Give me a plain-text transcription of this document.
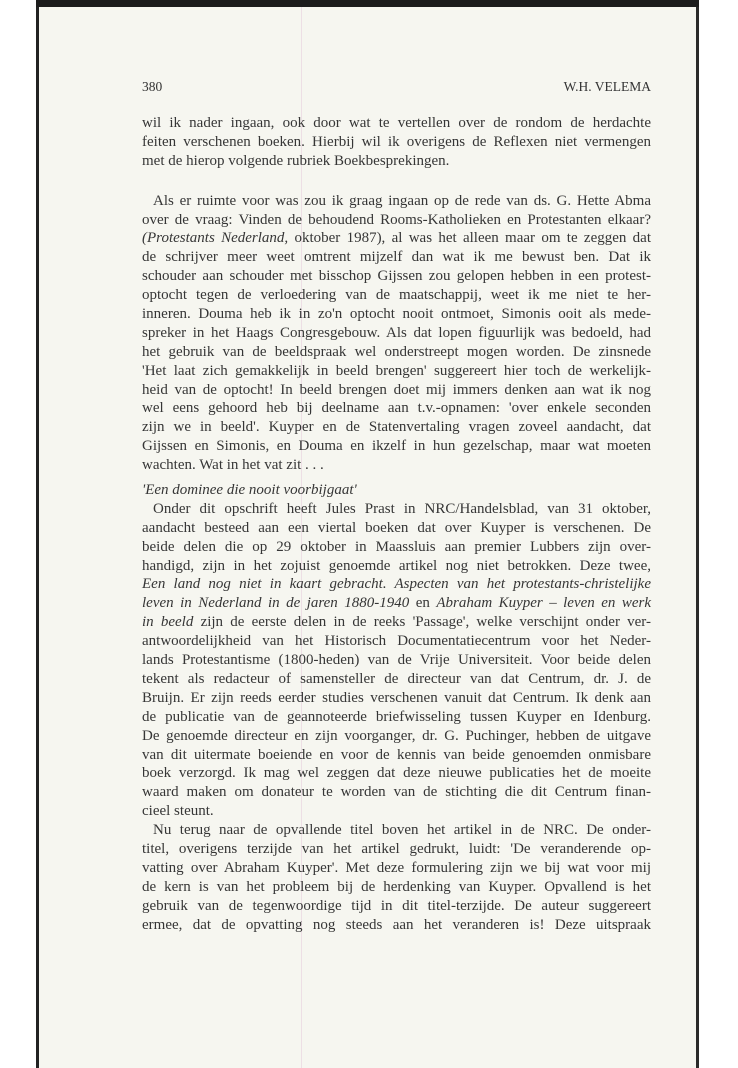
380	W.H. VELEMA
wil ik nader ingaan, ook door wat te vertellen over de rondom de herdachte
feiten verschenen boeken. Hierbij wil ik overigens de Reflexen niet vermengen
met de hierop volgende rubriek Boekbesprekingen.
Als er ruimte voor was zou ik graag ingaan op de rede van ds. G. Hette Abma
over de vraag: Vinden de behoudend Rooms-Katholieken en Protestanten elkaar?
(Protestants Nederland, oktober 1987), al was het alleen maar om te zeggen dat
de schrijver meer weet omtrent mijzelf dan wat ik me bewust ben. Dat ik
schouder aan schouder met bisschop Gijssen zou gelopen hebben in een protest-
optocht tegen de verloedering van de maatschappij, weet ik me niet te her-
inneren. Douma heb ik in zo'n optocht nooit ontmoet, Simonis ooit als mede-
spreker in het Haags Congresgebouw. Als dat lopen figuurlijk was bedoeld, had
het gebruik van de beeldspraak wel onderstreept mogen worden. De zinsnede
'Het laat zich gemakkelijk in beeld brengen' suggereert hier toch de werkelijk-
heid van de optocht! In beeld brengen doet mij immers denken aan wat ik nog
wel eens gehoord heb bij deelname aan t.v.-opnamen: 'over enkele seconden
zijn we in beeld'. Kuyper en de Statenvertaling vragen zoveel aandacht, dat
Gijssen en Simonis, en Douma en ikzelf in hun gezelschap, maar wat moeten
wachten. Wat in het vat zit . . .
'Een dominee die nooit voorbijgaat'
Onder dit opschrift heeft Jules Prast in NRC/Handelsblad, van 31 oktober,
aandacht besteed aan een viertal boeken dat over Kuyper is verschenen. De
beide delen die op 29 oktober in Maassluis aan premier Lubbers zijn over-
handigd, zijn in het zojuist genoemde artikel nog niet betrokken. Deze twee,
Een land nog niet in kaart gebracht. Aspecten van het protestants-christelijke
leven in Nederland in de jaren 1880-1940 en Abraham Kuyper – leven en werk
in beeld zijn de eerste delen in de reeks 'Passage', welke verschijnt onder ver-
antwoordelijkheid van het Historisch Documentatiecentrum voor het Neder-
lands Protestantisme (1800-heden) van de Vrije Universiteit. Voor beide delen
tekent als redacteur of samensteller de directeur van dat Centrum, dr. J. de
Bruijn. Er zijn reeds eerder studies verschenen vanuit dat Centrum. Ik denk aan
de publicatie van de geannoteerde briefwisseling tussen Kuyper en Idenburg.
De genoemde directeur en zijn voorganger, dr. G. Puchinger, hebben de uitgave
van dit uitermate boeiende en voor de kennis van beide genoemden onmisbare
boek verzorgd. Ik mag wel zeggen dat deze nieuwe publicaties het de moeite
waard maken om donateur te worden van de stichting die dit Centrum finan-
cieel steunt.
Nu terug naar de opvallende titel boven het artikel in de NRC. De onder-
titel, overigens terzijde van het artikel gedrukt, luidt: 'De veranderende op-
vatting over Abraham Kuyper'. Met deze formulering zijn we bij wat voor mij
de kern is van het probleem bij de herdenking van Kuyper. Opvallend is het
gebruik van de tegenwoordige tijd in dit titel-terzijde. De auteur suggereert
ermee, dat de opvatting nog steeds aan het veranderen is! Deze uitspraak
